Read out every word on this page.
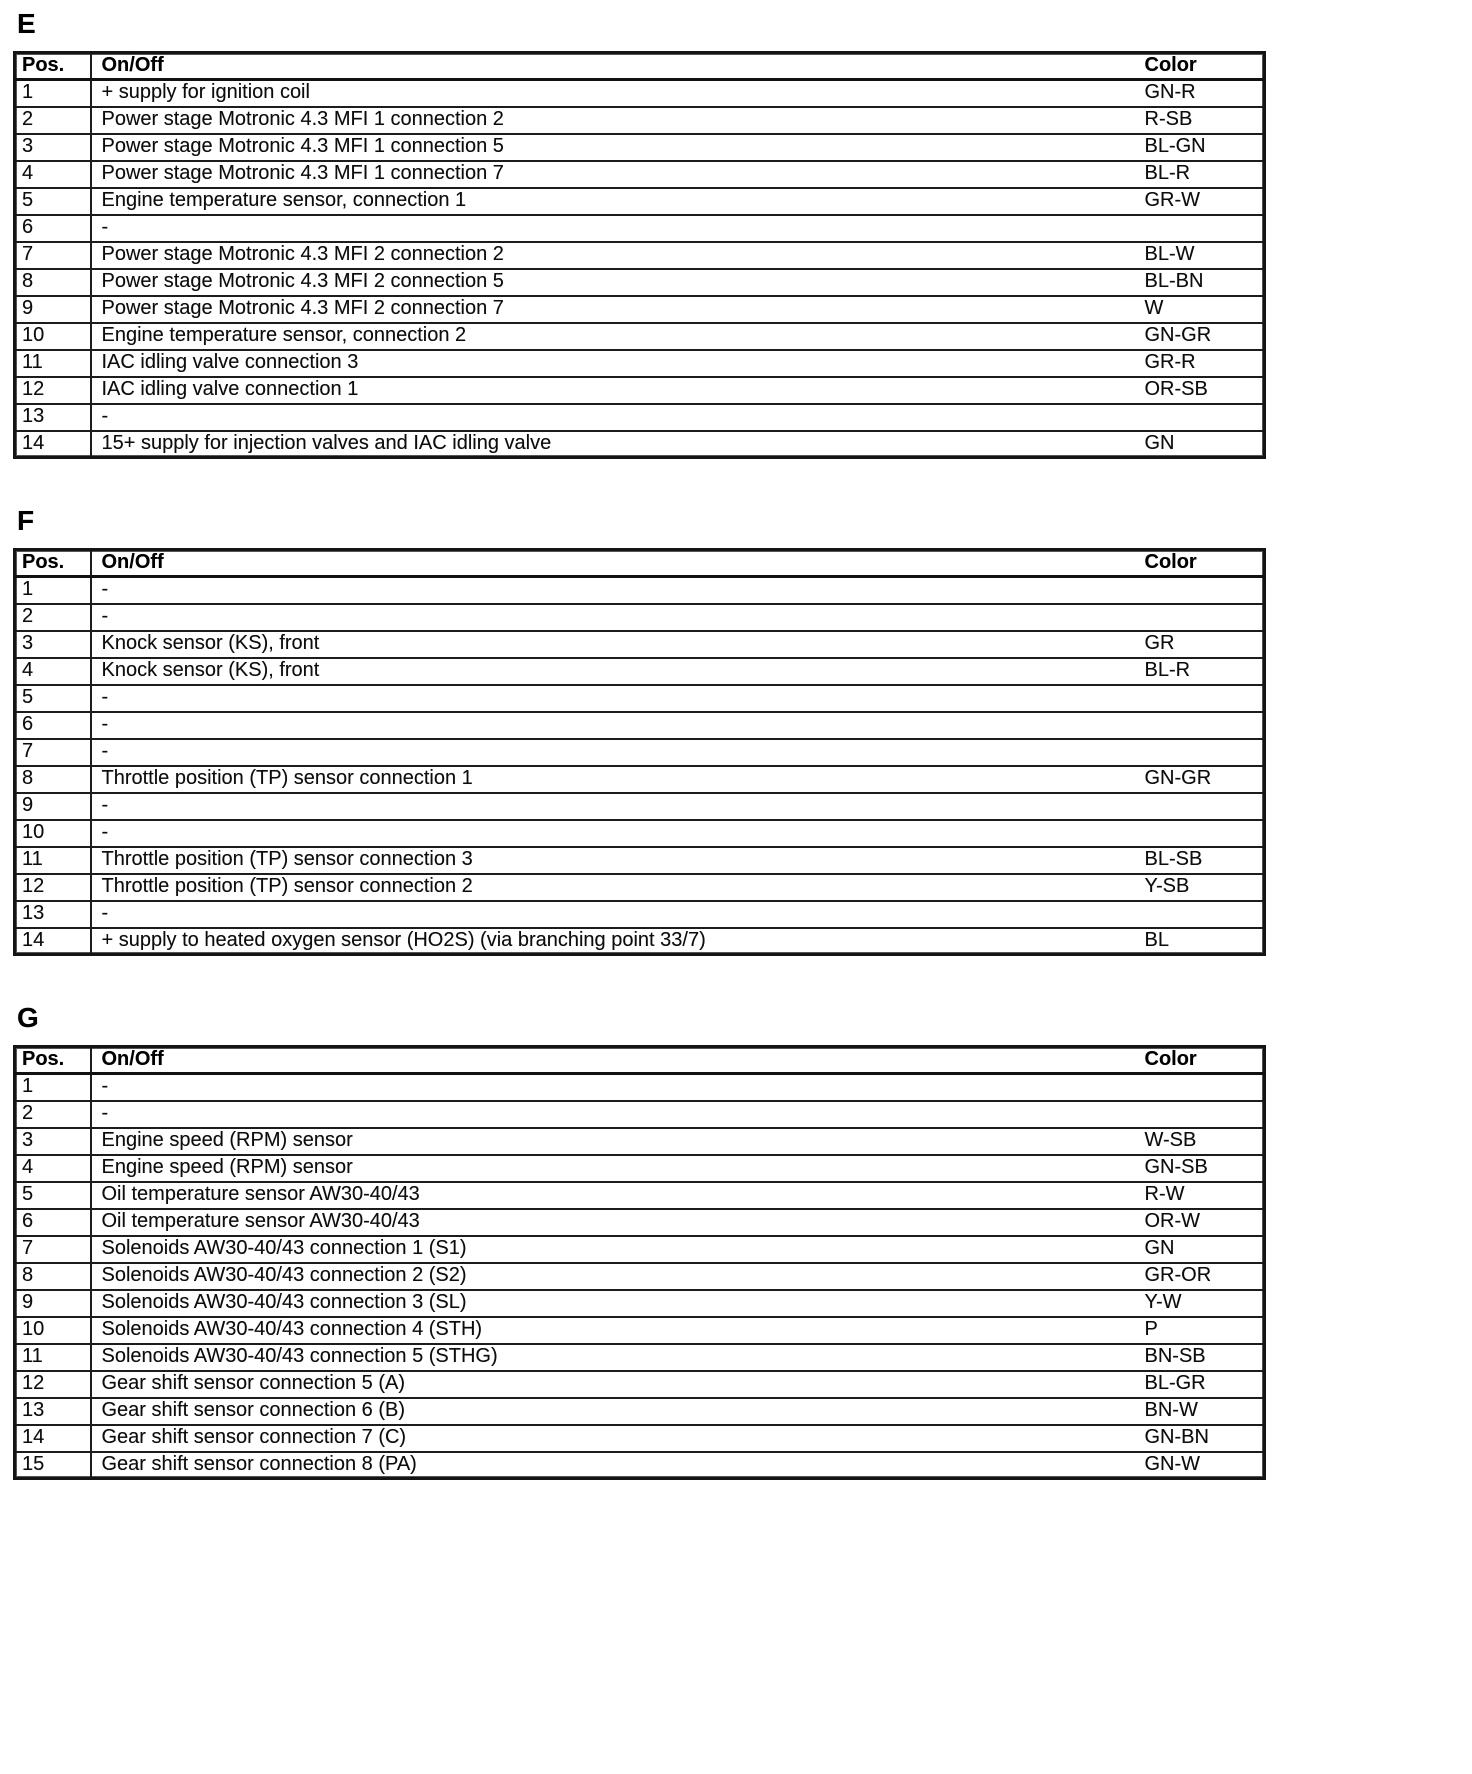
E
Pos.	On/Off	Color
1	+ supply for ignition coil	GN-R
2	Power stage Motronic 4.3 MFI 1 connection 2	R-SB
3	Power stage Motronic 4.3 MFI 1 connection 5	BL-GN
4	Power stage Motronic 4.3 MFI 1 connection 7	BL-R
5	Engine temperature sensor, connection 1	GR-W
6	-	
7	Power stage Motronic 4.3 MFI 2 connection 2	BL-W
8	Power stage Motronic 4.3 MFI 2 connection 5	BL-BN
9	Power stage Motronic 4.3 MFI 2 connection 7	W
10	Engine temperature sensor, connection 2	GN-GR
11	IAC idling valve connection 3	GR-R
12	IAC idling valve connection 1	OR-SB
13	-	
14	15+ supply for injection valves and IAC idling valve	GN
F
Pos.	On/Off	Color
1	-	
2	-	
3	Knock sensor (KS), front	GR
4	Knock sensor (KS), front	BL-R
5	-	
6	-	
7	-	
8	Throttle position (TP) sensor connection 1	GN-GR
9	-	
10	-	
11	Throttle position (TP) sensor connection 3	BL-SB
12	Throttle position (TP) sensor connection 2	Y-SB
13	-	
14	+ supply to heated oxygen sensor (HO2S) (via branching point 33/7)	BL
G
Pos.	On/Off	Color
1	-	
2	-	
3	Engine speed (RPM) sensor	W-SB
4	Engine speed (RPM) sensor	GN-SB
5	Oil temperature sensor AW30-40/43	R-W
6	Oil temperature sensor AW30-40/43	OR-W
7	Solenoids AW30-40/43 connection 1 (S1)	GN
8	Solenoids AW30-40/43 connection 2 (S2)	GR-OR
9	Solenoids AW30-40/43 connection 3 (SL)	Y-W
10	Solenoids AW30-40/43 connection 4 (STH)	P
11	Solenoids AW30-40/43 connection 5 (STHG)	BN-SB
12	Gear shift sensor connection 5 (A)	BL-GR
13	Gear shift sensor connection 6 (B)	BN-W
14	Gear shift sensor connection 7 (C)	GN-BN
15	Gear shift sensor connection 8 (PA)	GN-W
